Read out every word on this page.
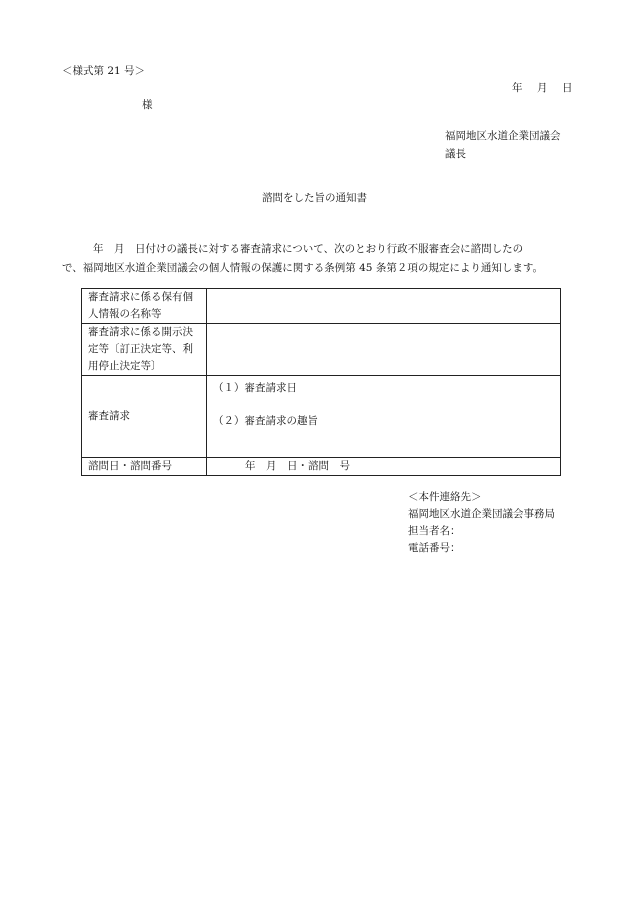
＜様式第 21 号＞
年　月　日
様
福岡地区水道企業団議会
議長
諮問をした旨の通知書
年　月　日付けの議長に対する審査請求について、次のとおり行政不服審査会に諮問したの
で、福岡地区水道企業団議会の個人情報の保護に関する条例第 45 条第２項の規定により通知します。
審査請求に係る保有個
人情報の名称等	

審査請求に係る開示決
定等〔訂正決定等、利
用停止決定等〕	

審査請求	（１）審査請求日
（２）審査請求の趣旨

諮問日・諮問番号	年　月　日・諮問　号
＜本件連絡先＞
福岡地区水道企業団議会事務局
担当者名：
電話番号：
